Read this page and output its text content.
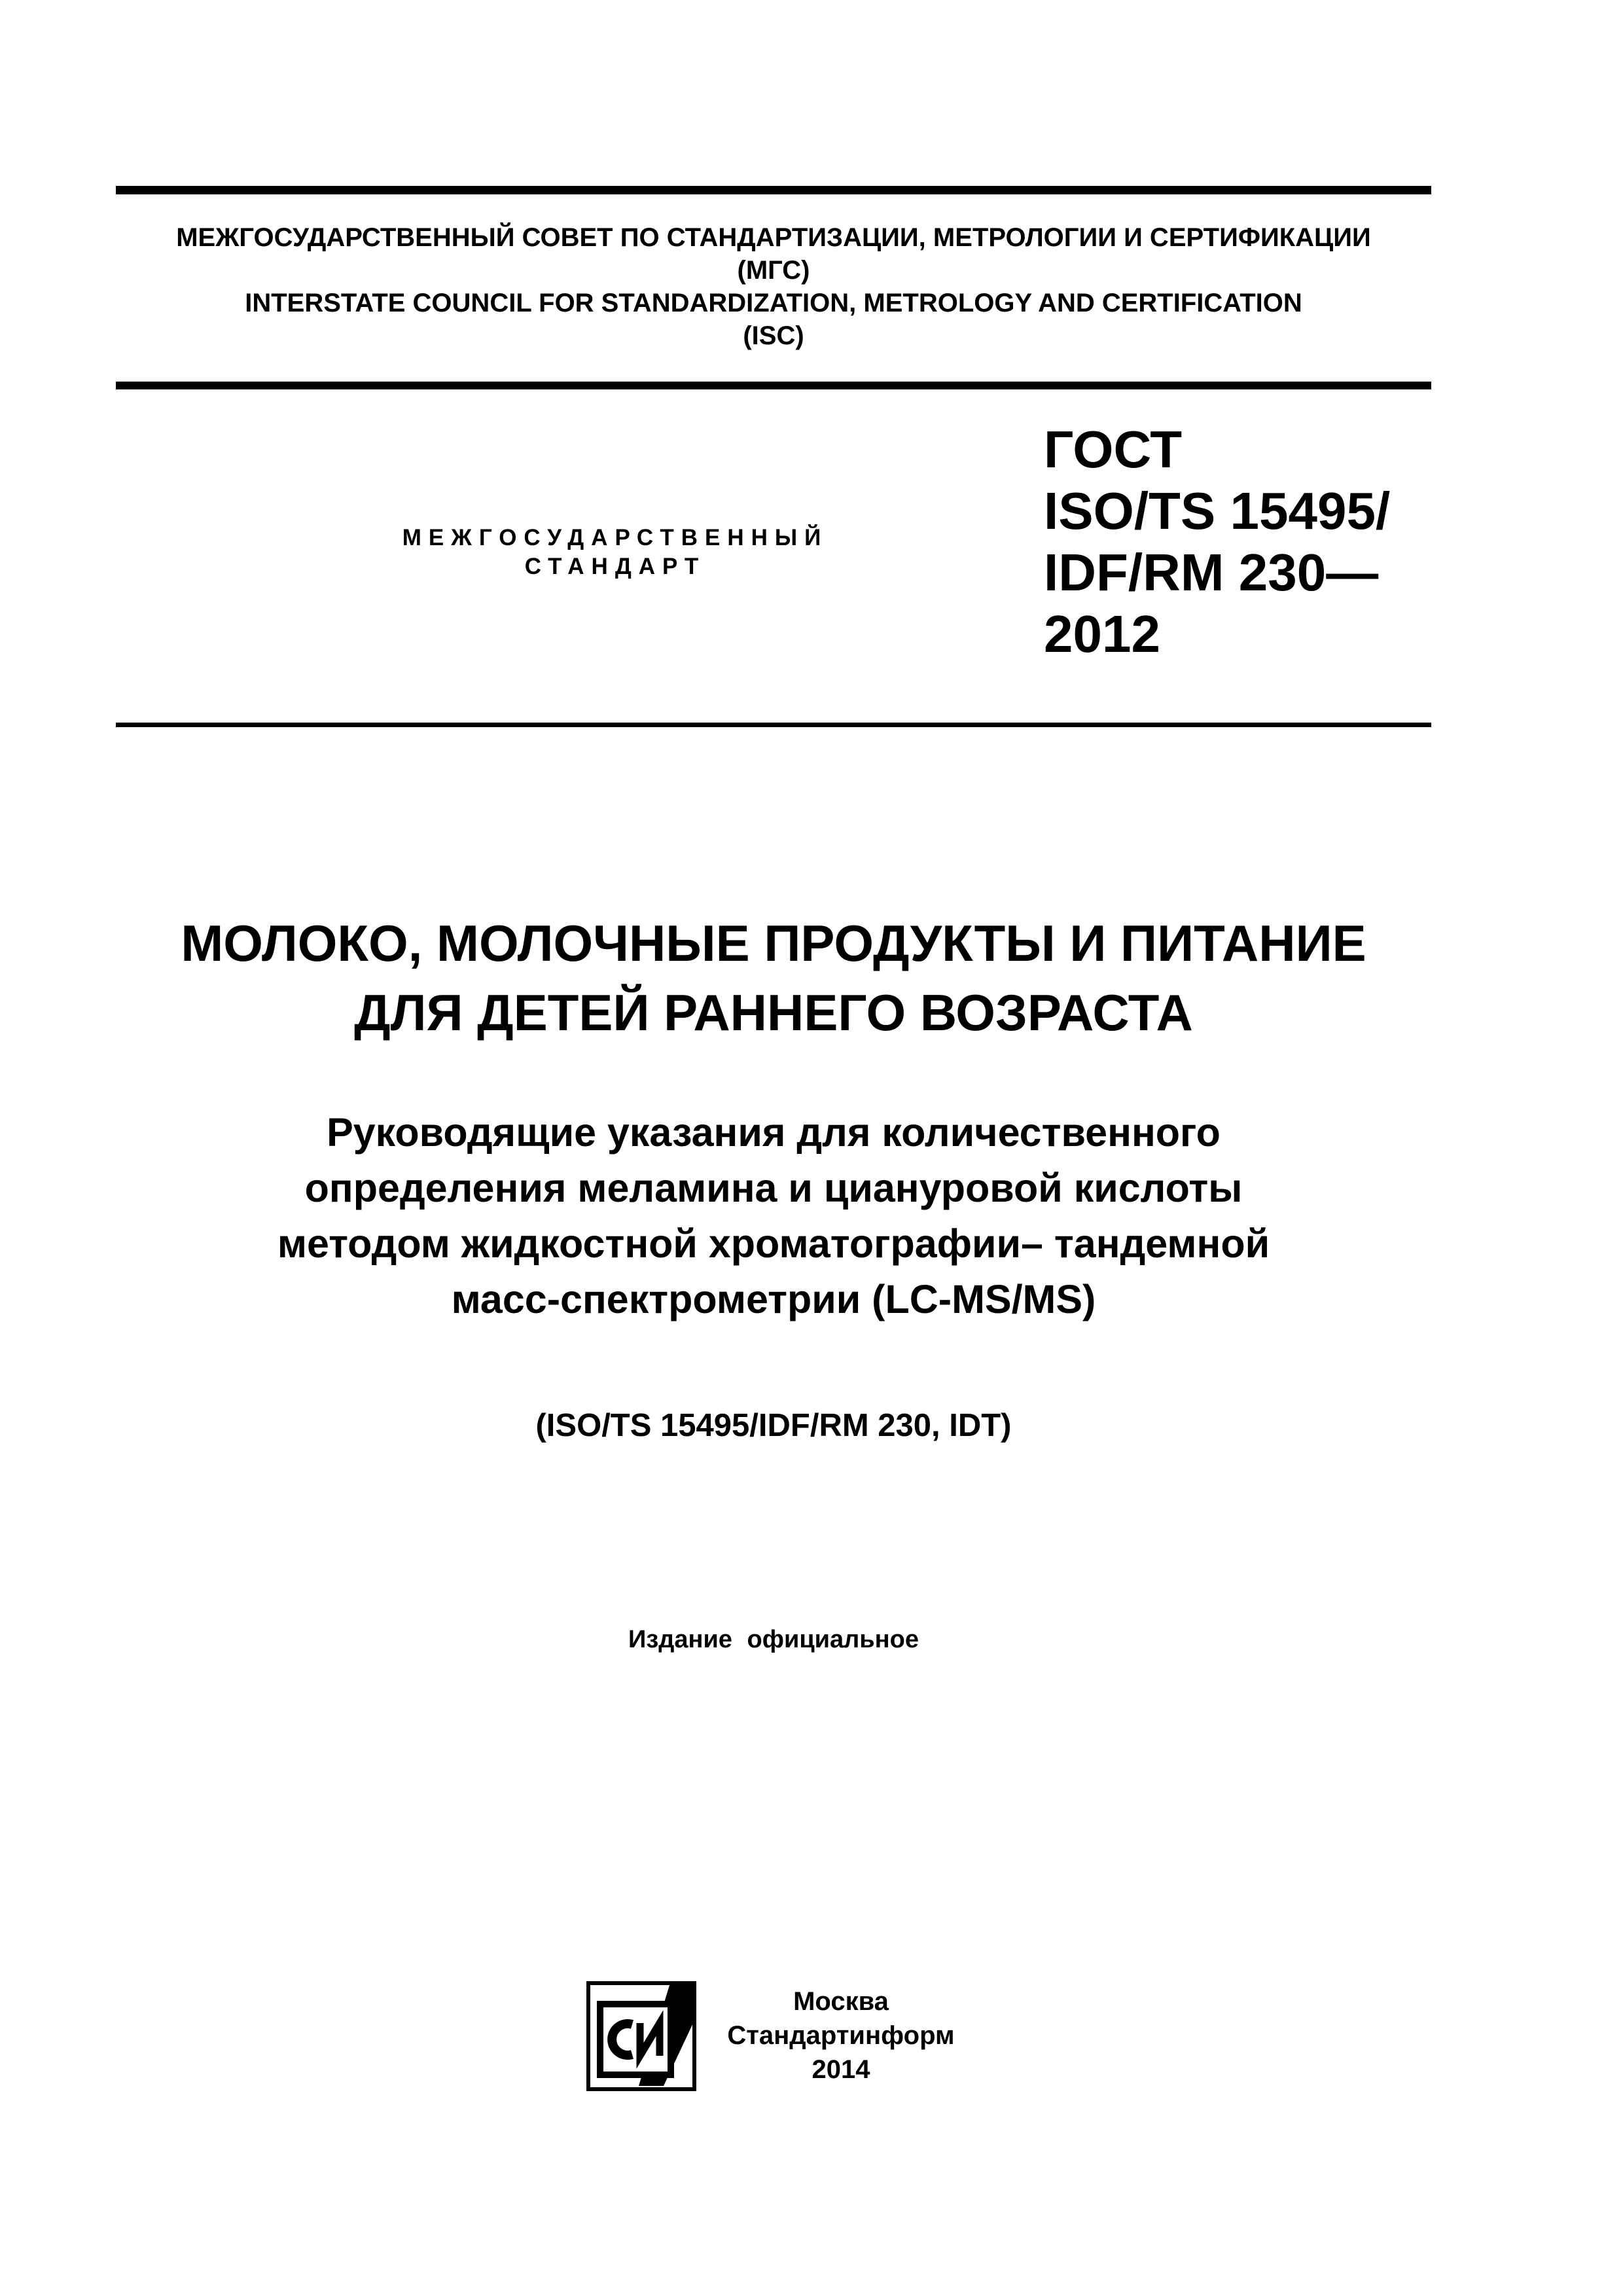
МЕЖГОСУДАРСТВЕННЫЙ СОВЕТ ПО СТАНДАРТИЗАЦИИ, МЕТРОЛОГИИ И СЕРТИФИКАЦИИ
(МГС)
INTERSTATE COUNCIL FOR STANDARDIZATION, METROLOGY AND CERTIFICATION
(ISC)
МЕЖГОСУДАРСТВЕННЫЙ
СТАНДАРТ
ГОСТ
ISO/TS 15495/
IDF/RM 230—
2012
МОЛОКО, МОЛОЧНЫЕ ПРОДУКТЫ И ПИТАНИЕ
ДЛЯ ДЕТЕЙ РАННЕГО ВОЗРАСТА
Руководящие указания для количественного
определения меламина и циануровой кислоты
методом жидкостной хроматографии– тандемной
масс-спектрометрии (LC-MS/MS)
(ISO/TS 15495/IDF/RM 230, IDT)
Издание официальное
Москва
Стандартинформ
2014
